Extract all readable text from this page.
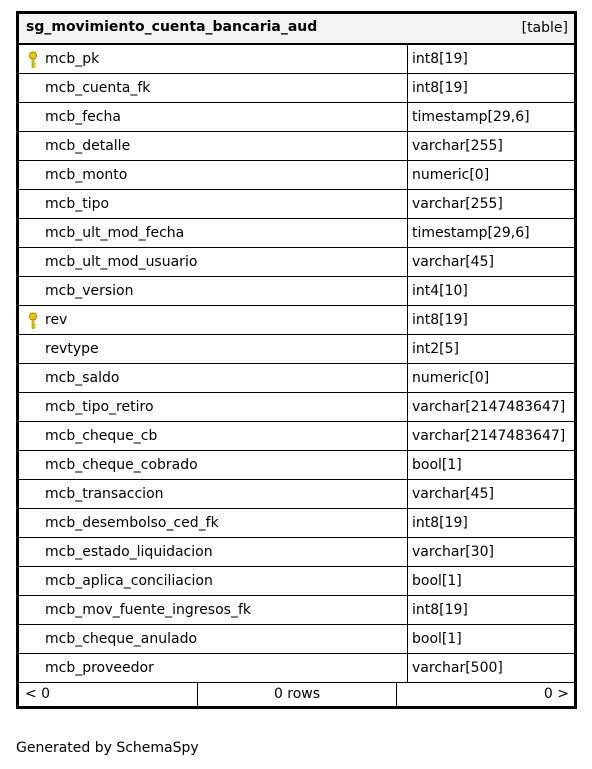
sg_movimiento_cuenta_bancaria_aud	[table]
mcb_pk	int8[19]
mcb_cuenta_fk	int8[19]
mcb_fecha	timestamp[29,6]
mcb_detalle	varchar[255]
mcb_monto	numeric[0]
mcb_tipo	varchar[255]
mcb_ult_mod_fecha	timestamp[29,6]
mcb_ult_mod_usuario	varchar[45]
mcb_version	int4[10]
rev	int8[19]
revtype	int2[5]
mcb_saldo	numeric[0]
mcb_tipo_retiro	varchar[2147483647]
mcb_cheque_cb	varchar[2147483647]
mcb_cheque_cobrado	bool[1]
mcb_transaccion	varchar[45]
mcb_desembolso_ced_fk	int8[19]
mcb_estado_liquidacion	varchar[30]
mcb_aplica_conciliacion	bool[1]
mcb_mov_fuente_ingresos_fk	int8[19]
mcb_cheque_anulado	bool[1]
mcb_proveedor	varchar[500]
< 0	0 rows	0 >
Generated by SchemaSpy
